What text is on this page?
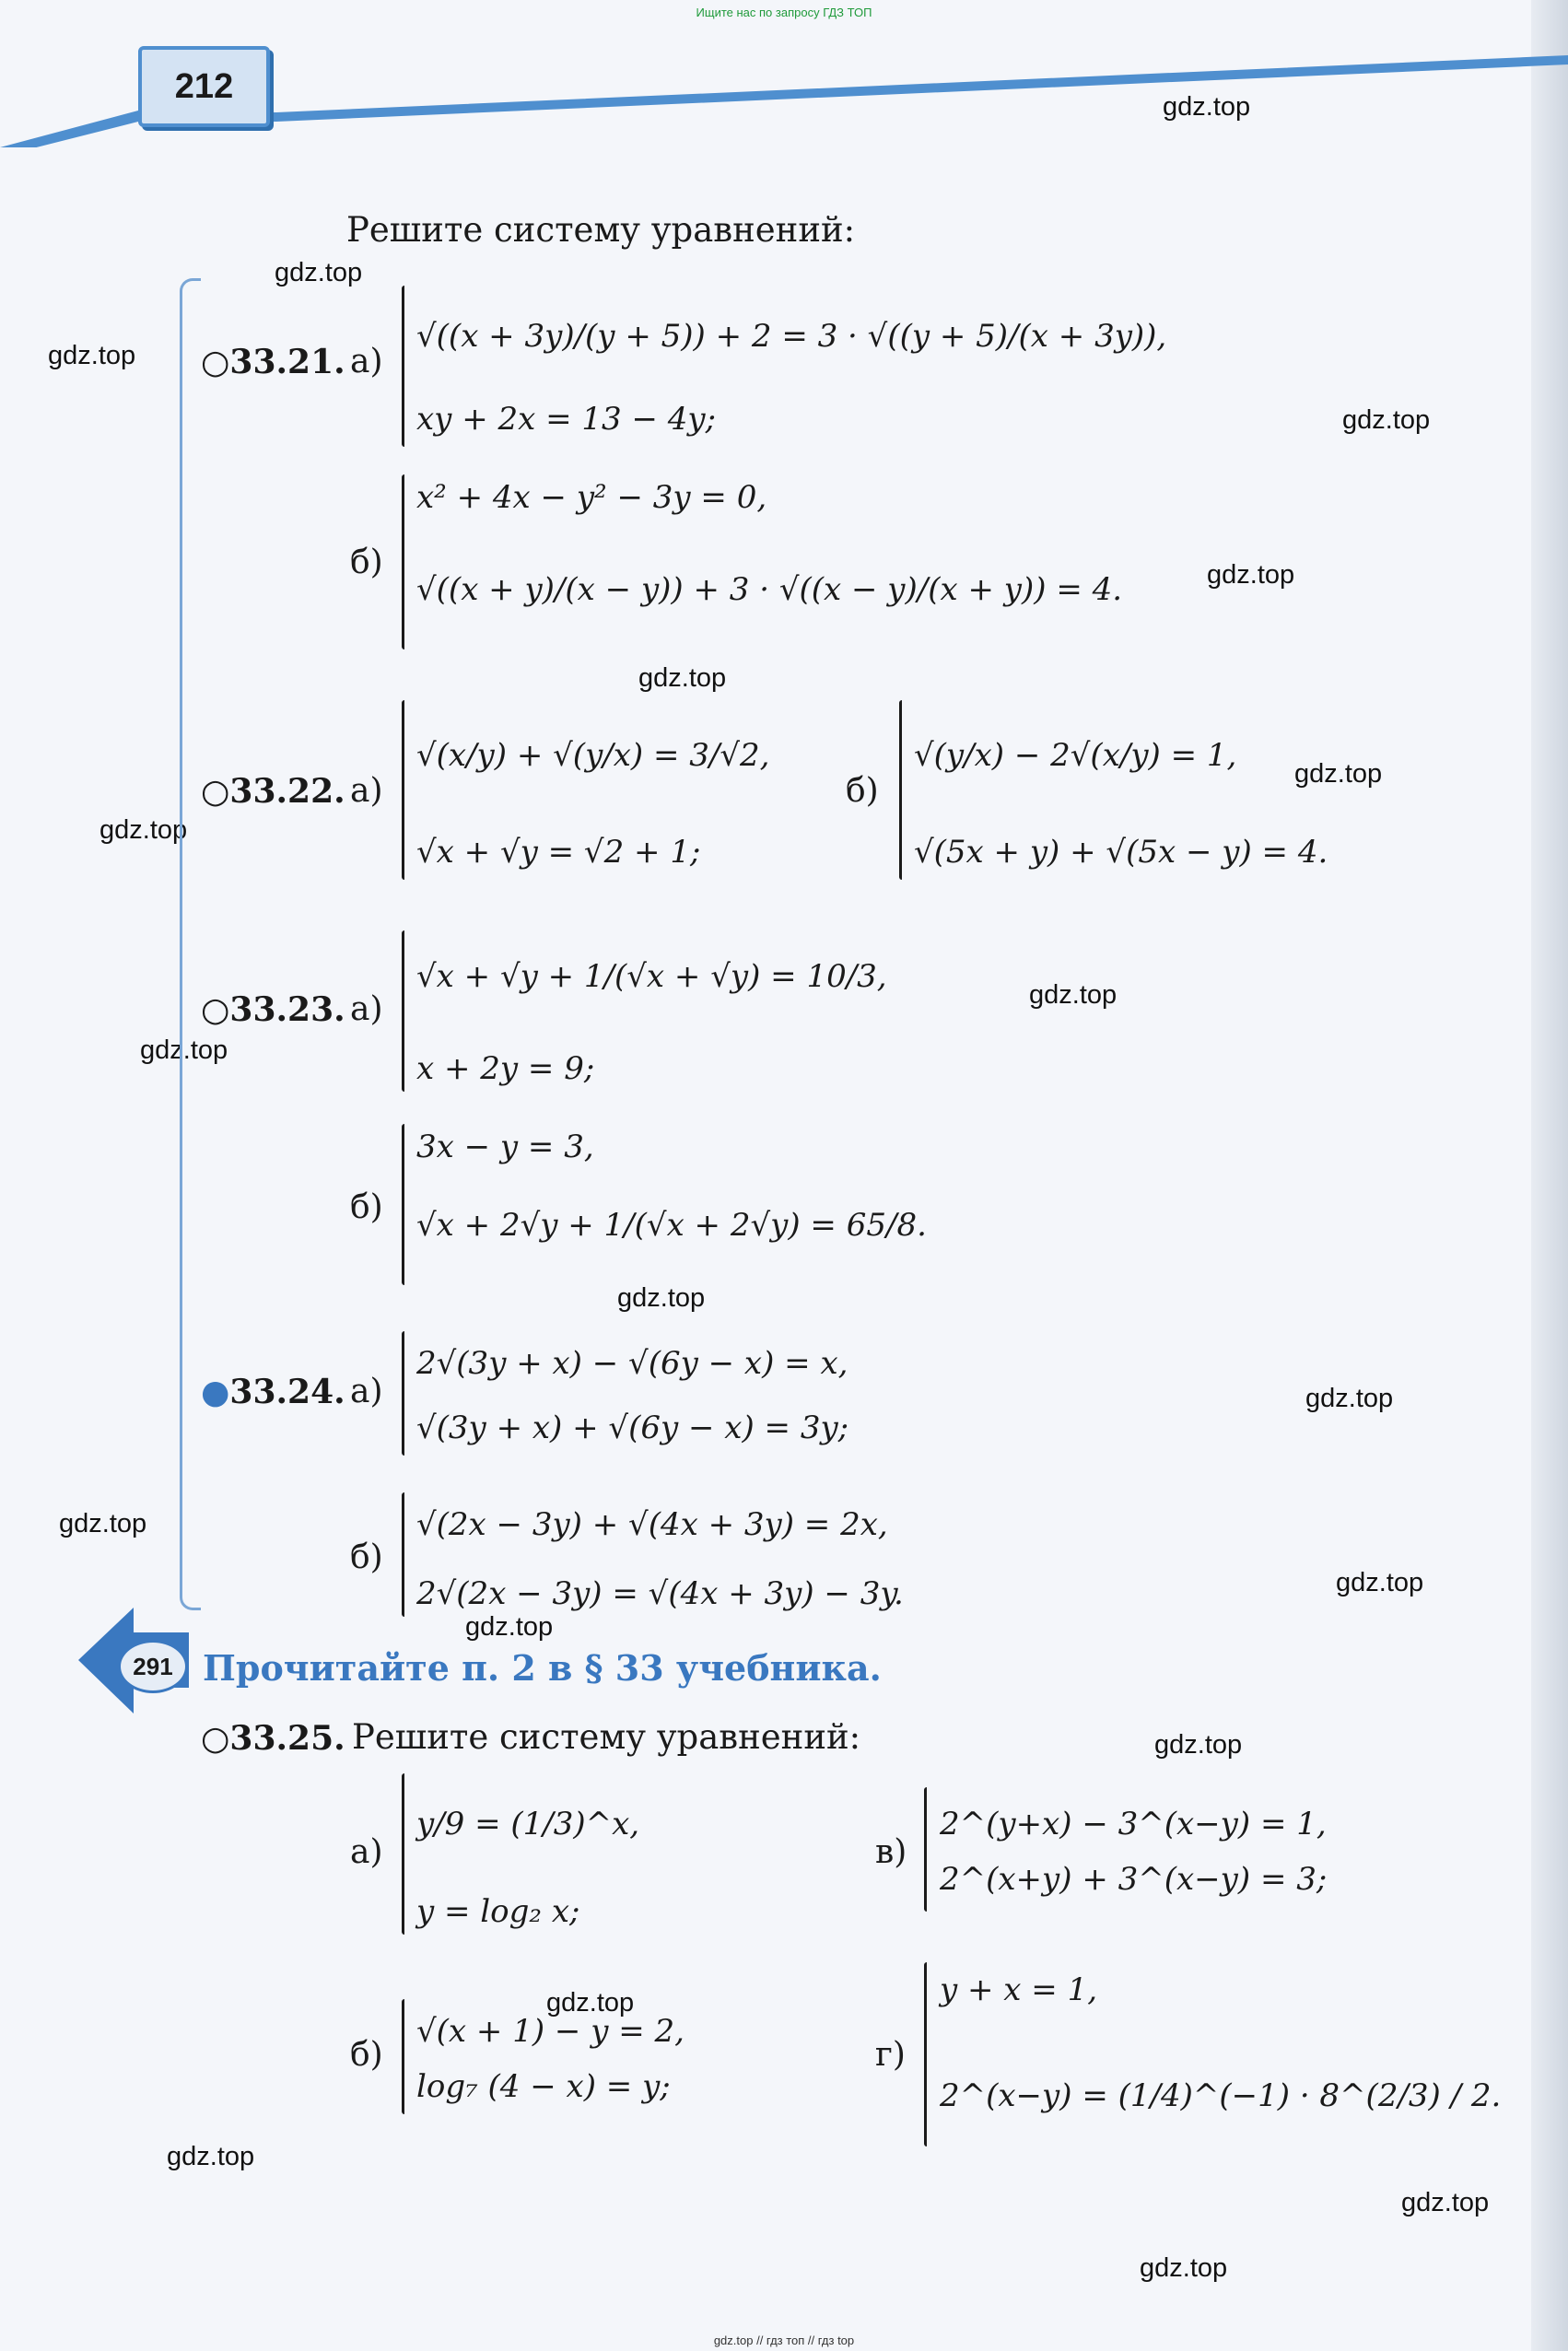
Ищите нас по запросу ГДЗ ТОП
212
gdz.top
gdz.top
gdz.top
gdz.top
gdz.top
gdz.top
gdz.top
gdz.top
gdz.top
gdz.top
gdz.top
gdz.top
gdz.top
gdz.top
gdz.top
gdz.top
gdz.top
gdz.top
gdz.top
gdz.top
Решите систему уравнений:
○33.21. а)
√((x + 3y)/(y + 5)) + 2 = 3 · √((y + 5)/(x + 3y)),
xy + 2x = 13 − 4y;
б)
x² + 4x − y² − 3y = 0,
√((x + y)/(x − y)) + 3 · √((x − y)/(x + y)) = 4.
○33.22. а)
√(x/y) + √(y/x) = 3/√2,
√x + √y = √2 + 1;
б)
√(y/x) − 2√(x/y) = 1,
√(5x + y) + √(5x − y) = 4.
○33.23. а)
√x + √y + 1/(√x + √y) = 10/3,
x + 2y = 9;
б)
3x − y = 3,
√x + 2√y + 1/(√x + 2√y) = 65/8.
●33.24. а)
2√(3y + x) − √(6y − x) = x,
√(3y + x) + √(6y − x) = 3y;
б)
√(2x − 3y) + √(4x + 3y) = 2x,
2√(2x − 3y) = √(4x + 3y) − 3y.
291 Прочитайте п. 2 в § 33 учебника.
○33.25. Решите систему уравнений:
а)
y/9 = (1/3)^x,
y = log₂ x;
в)
2^(y+x) − 3^(x−y) = 1,
2^(x+y) + 3^(x−y) = 3;
б)
√(x + 1) − y = 2,
log₇ (4 − x) = y;
г)
y + x = 1,
2^(x−y) = (1/4)^(−1) · 8^(2/3) / 2.
gdz.top // гдз топ // гдз top
